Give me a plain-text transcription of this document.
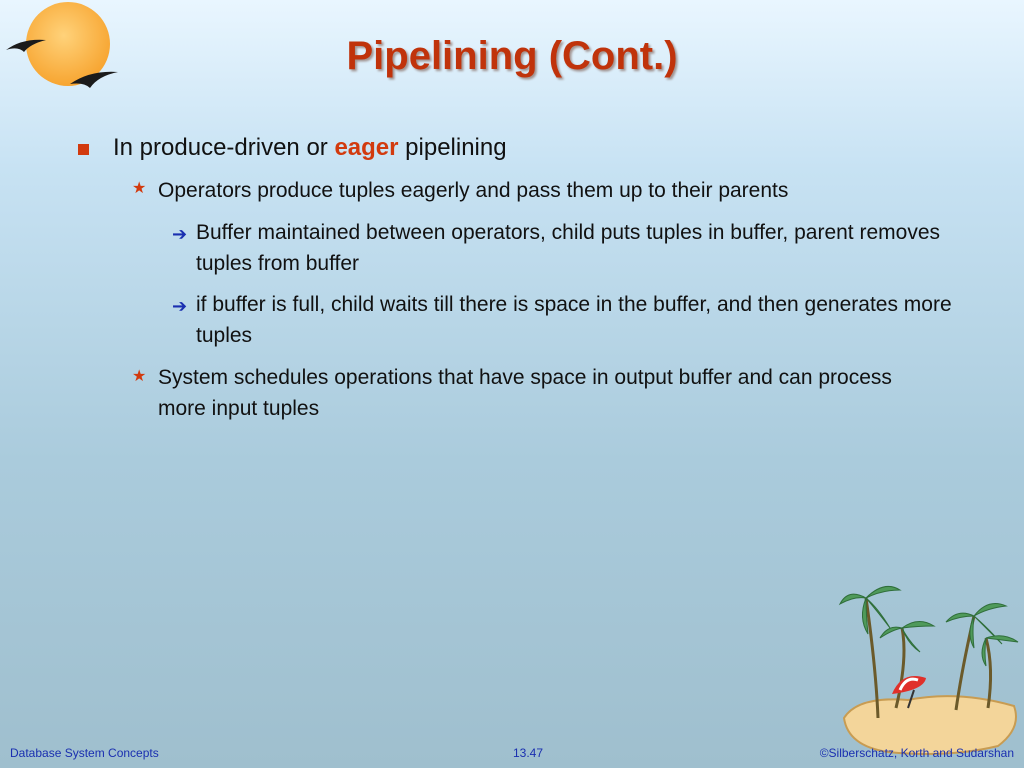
Pipelining (Cont.)
In produce-driven or eager pipelining
★ Operators produce tuples eagerly and pass them up to their parents
➔ Buffer maintained between operators, child puts tuples in buffer, parent removes tuples from buffer
➔ if buffer is full, child waits till there is space in the buffer, and then generates more tuples
★ System schedules operations that have space in output buffer and can process more input tuples
Database System Concepts	13.47	©Silberschatz, Korth and Sudarshan
